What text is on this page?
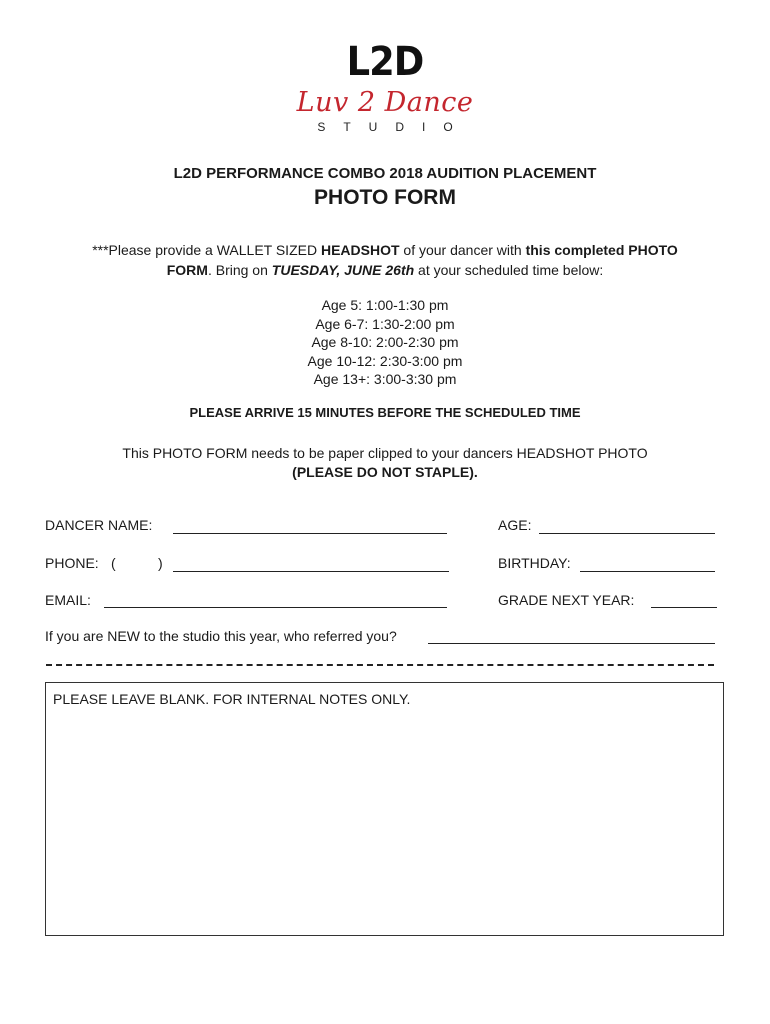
L2D
Luv 2 Dance
STUDIO
L2D PERFORMANCE COMBO 2018 AUDITION PLACEMENT
PHOTO FORM
***Please provide a WALLET SIZED HEADSHOT of your dancer with this completed PHOTO
FORM. Bring on TUESDAY, JUNE 26th at your scheduled time below:
Age 5: 1:00-1:30 pm
Age 6-7: 1:30-2:00 pm
Age 8-10: 2:00-2:30 pm
Age 10-12: 2:30-3:00 pm
Age 13+: 3:00-3:30 pm
PLEASE ARRIVE 15 MINUTES BEFORE THE SCHEDULED TIME
This PHOTO FORM needs to be paper clipped to your dancers HEADSHOT PHOTO
(PLEASE DO NOT STAPLE).
DANCER NAME:	AGE:
PHONE: (	)	BIRTHDAY:
EMAIL:	GRADE NEXT YEAR:
If you are NEW to the studio this year, who referred you?
PLEASE LEAVE BLANK. FOR INTERNAL NOTES ONLY.
